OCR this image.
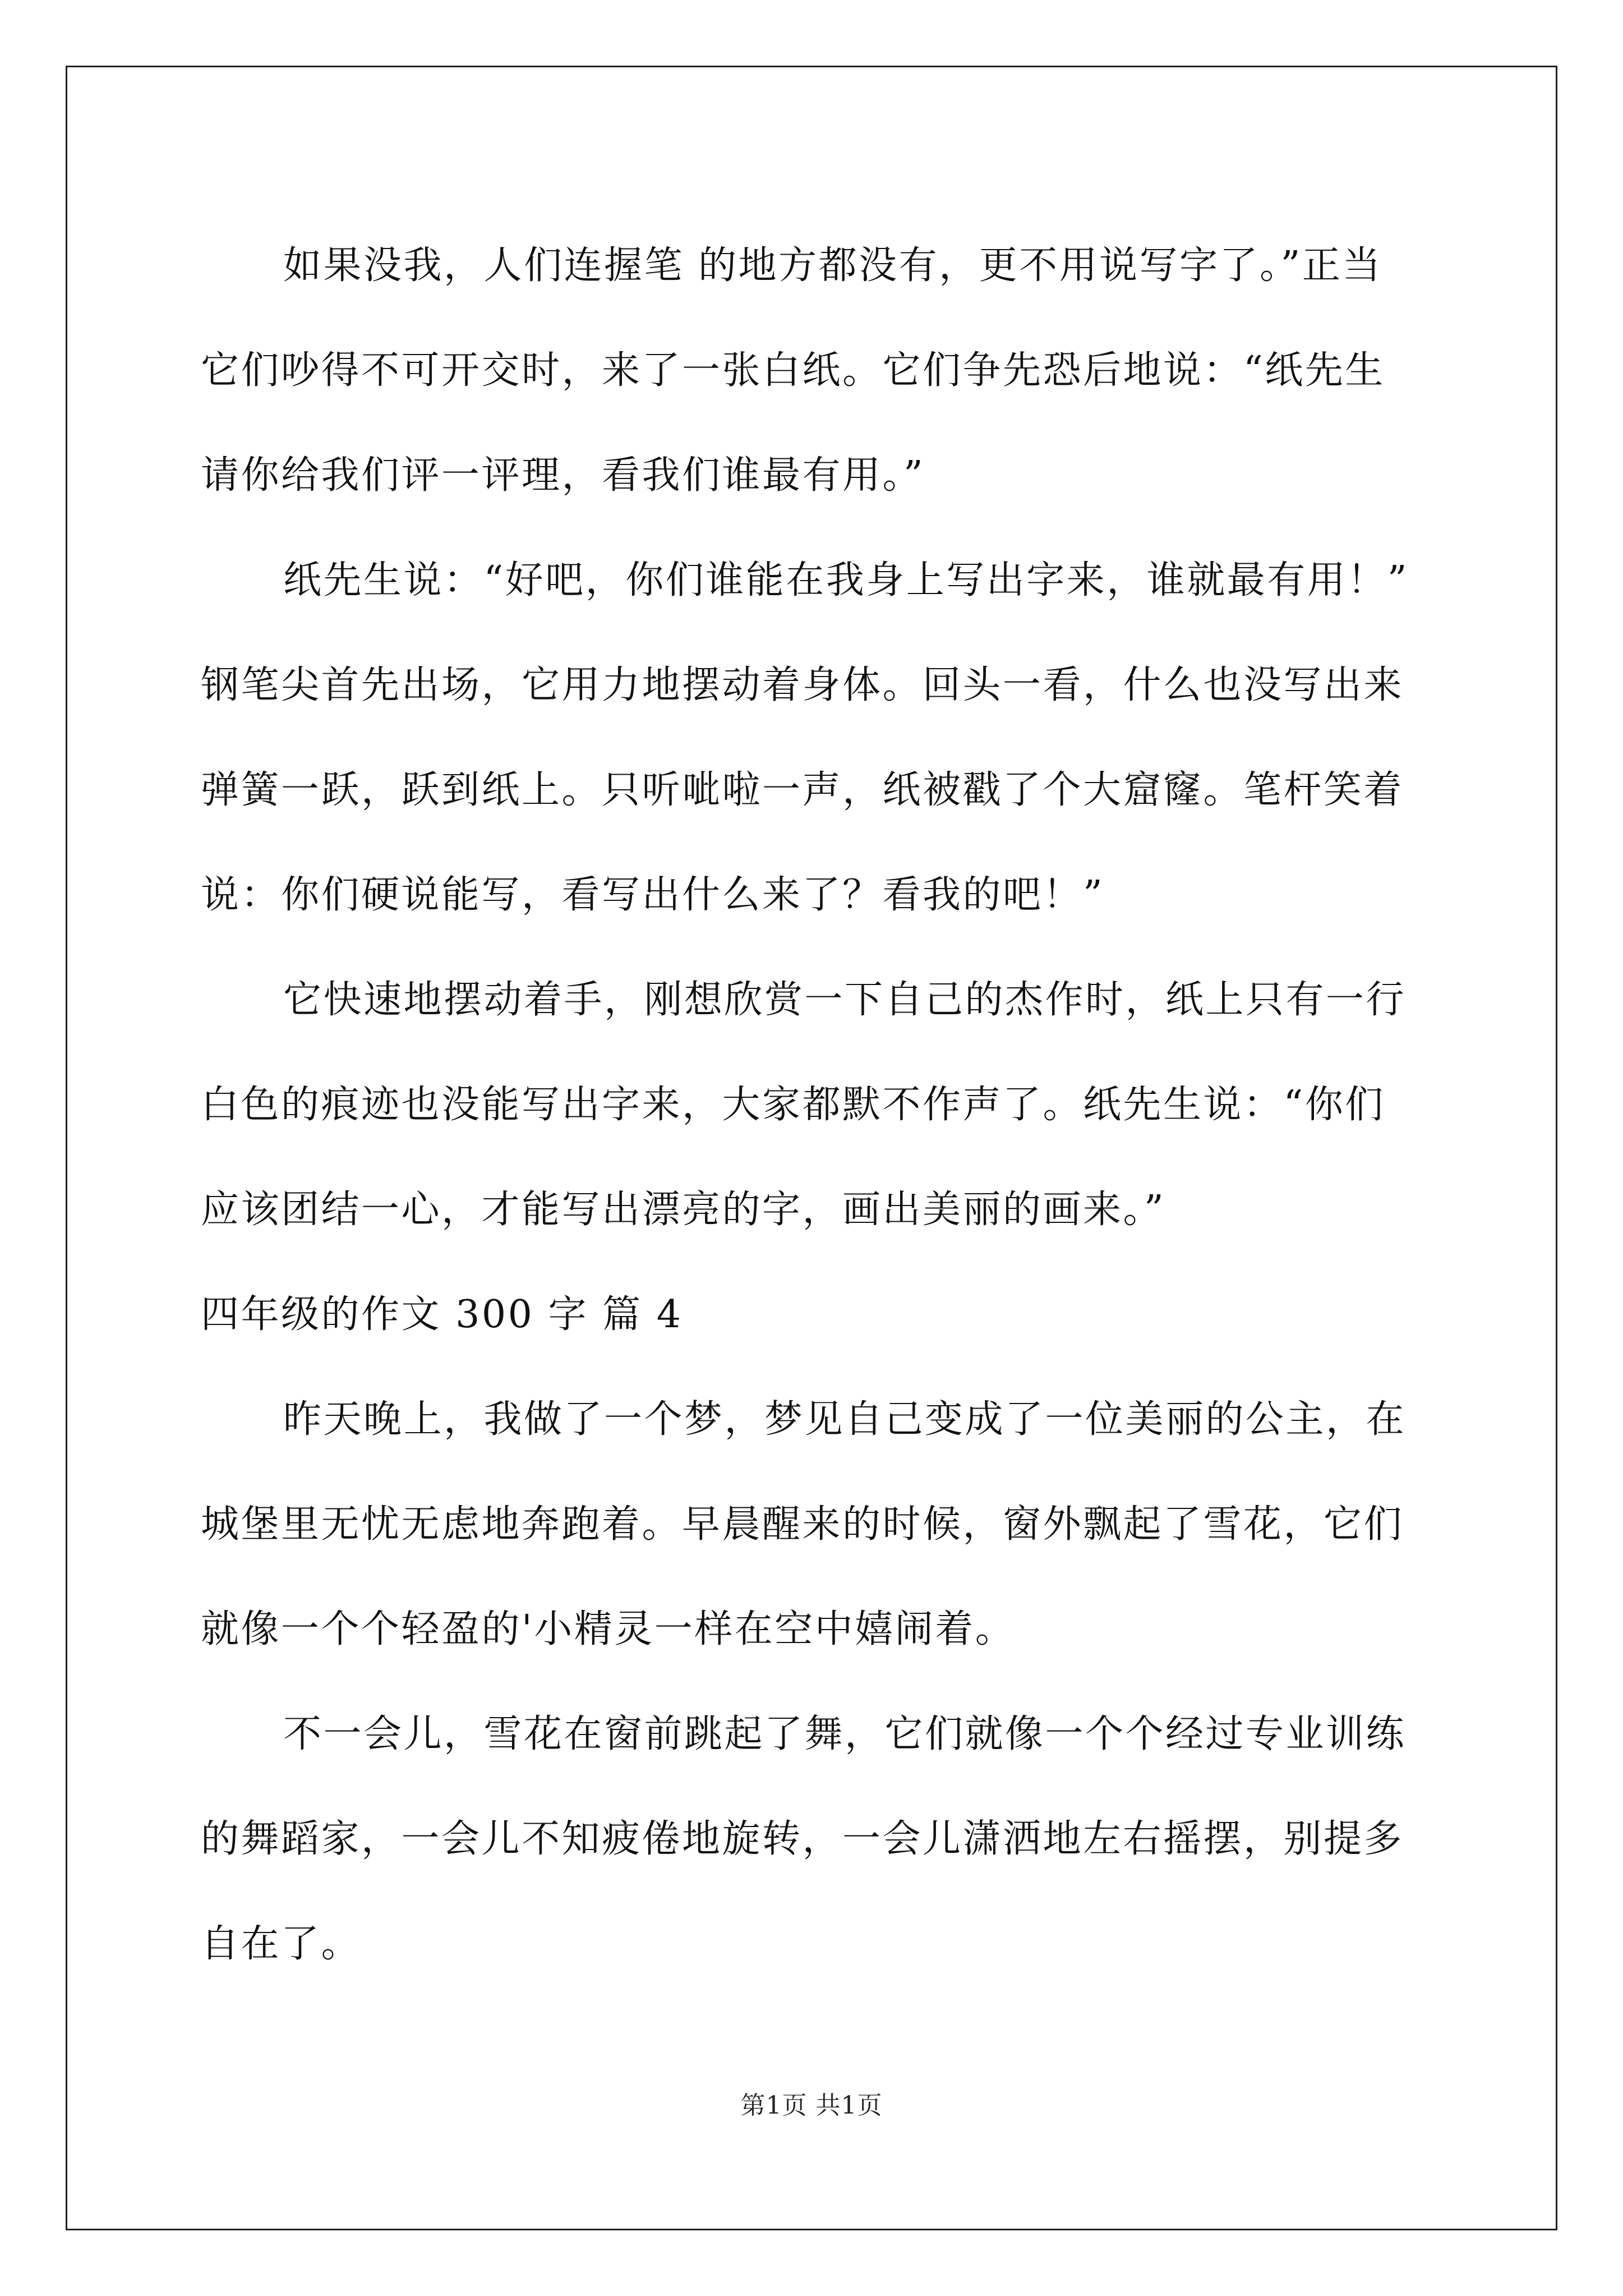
如果没我，人们连握笔 的地方都没有，更不用说写字了。”正当
它们吵得不可开交时，来了一张白纸。它们争先恐后地说：“纸先生
请你给我们评一评理，看我们谁最有用。”
纸先生说：“好吧，你们谁能在我身上写出字来，谁就最有用！”
钢笔尖首先出场，它用力地摆动着身体。回头一看，什么也没写出来
弹簧一跃，跃到纸上。只听呲啦一声，纸被戳了个大窟窿。笔杆笑着
说：你们硬说能写，看写出什么来了？看我的吧！”
它快速地摆动着手，刚想欣赏一下自己的杰作时，纸上只有一行
白色的痕迹也没能写出字来，大家都默不作声了。纸先生说：“你们
应该团结一心，才能写出漂亮的字，画出美丽的画来。”
四年级的作文 300 字 篇 4
昨天晚上，我做了一个梦，梦见自己变成了一位美丽的公主，在
城堡里无忧无虑地奔跑着。早晨醒来的时候，窗外飘起了雪花，它们
就像一个个轻盈的'小精灵一样在空中嬉闹着。
不一会儿，雪花在窗前跳起了舞，它们就像一个个经过专业训练
的舞蹈家，一会儿不知疲倦地旋转，一会儿潇洒地左右摇摆，别提多
自在了。
第1页 共1页
